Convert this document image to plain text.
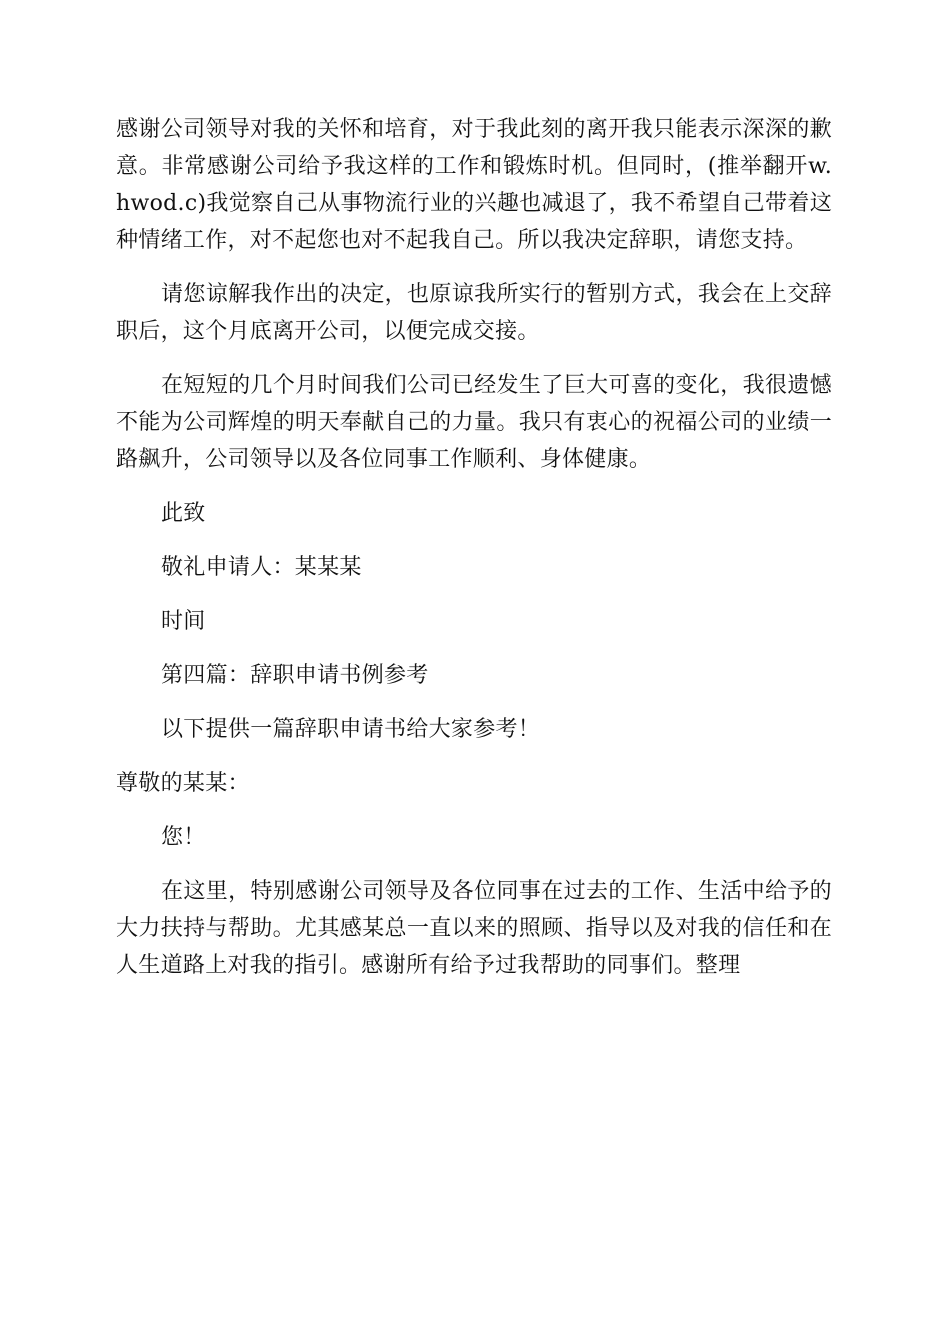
感谢公司领导对我的关怀和培育，对于我此刻的离开我只能表示深深的歉意。非常感谢公司给予我这样的工作和锻炼时机。但同时，(推举翻开w.hwod.c)我觉察自己从事物流行业的兴趣也减退了，我不希望自己带着这种情绪工作，对不起您也对不起我自己。所以我决定辞职，请您支持。

请您谅解我作出的决定，也原谅我所实行的暂别方式，我会在上交辞职后，这个月底离开公司，以便完成交接。

在短短的几个月时间我们公司已经发生了巨大可喜的变化，我很遗憾不能为公司辉煌的明天奉献自己的力量。我只有衷心的祝福公司的业绩一路飙升，公司领导以及各位同事工作顺利、身体健康。

此致

敬礼申请人：某某某

时间

第四篇：辞职申请书例参考

以下提供一篇辞职申请书给大家参考！

尊敬的某某：

您！

在这里，特别感谢公司领导及各位同事在过去的工作、生活中给予的大力扶持与帮助。尤其感某总一直以来的照顾、指导以及对我的信任和在人生道路上对我的指引。感谢所有给予过我帮助的同事们。整理
